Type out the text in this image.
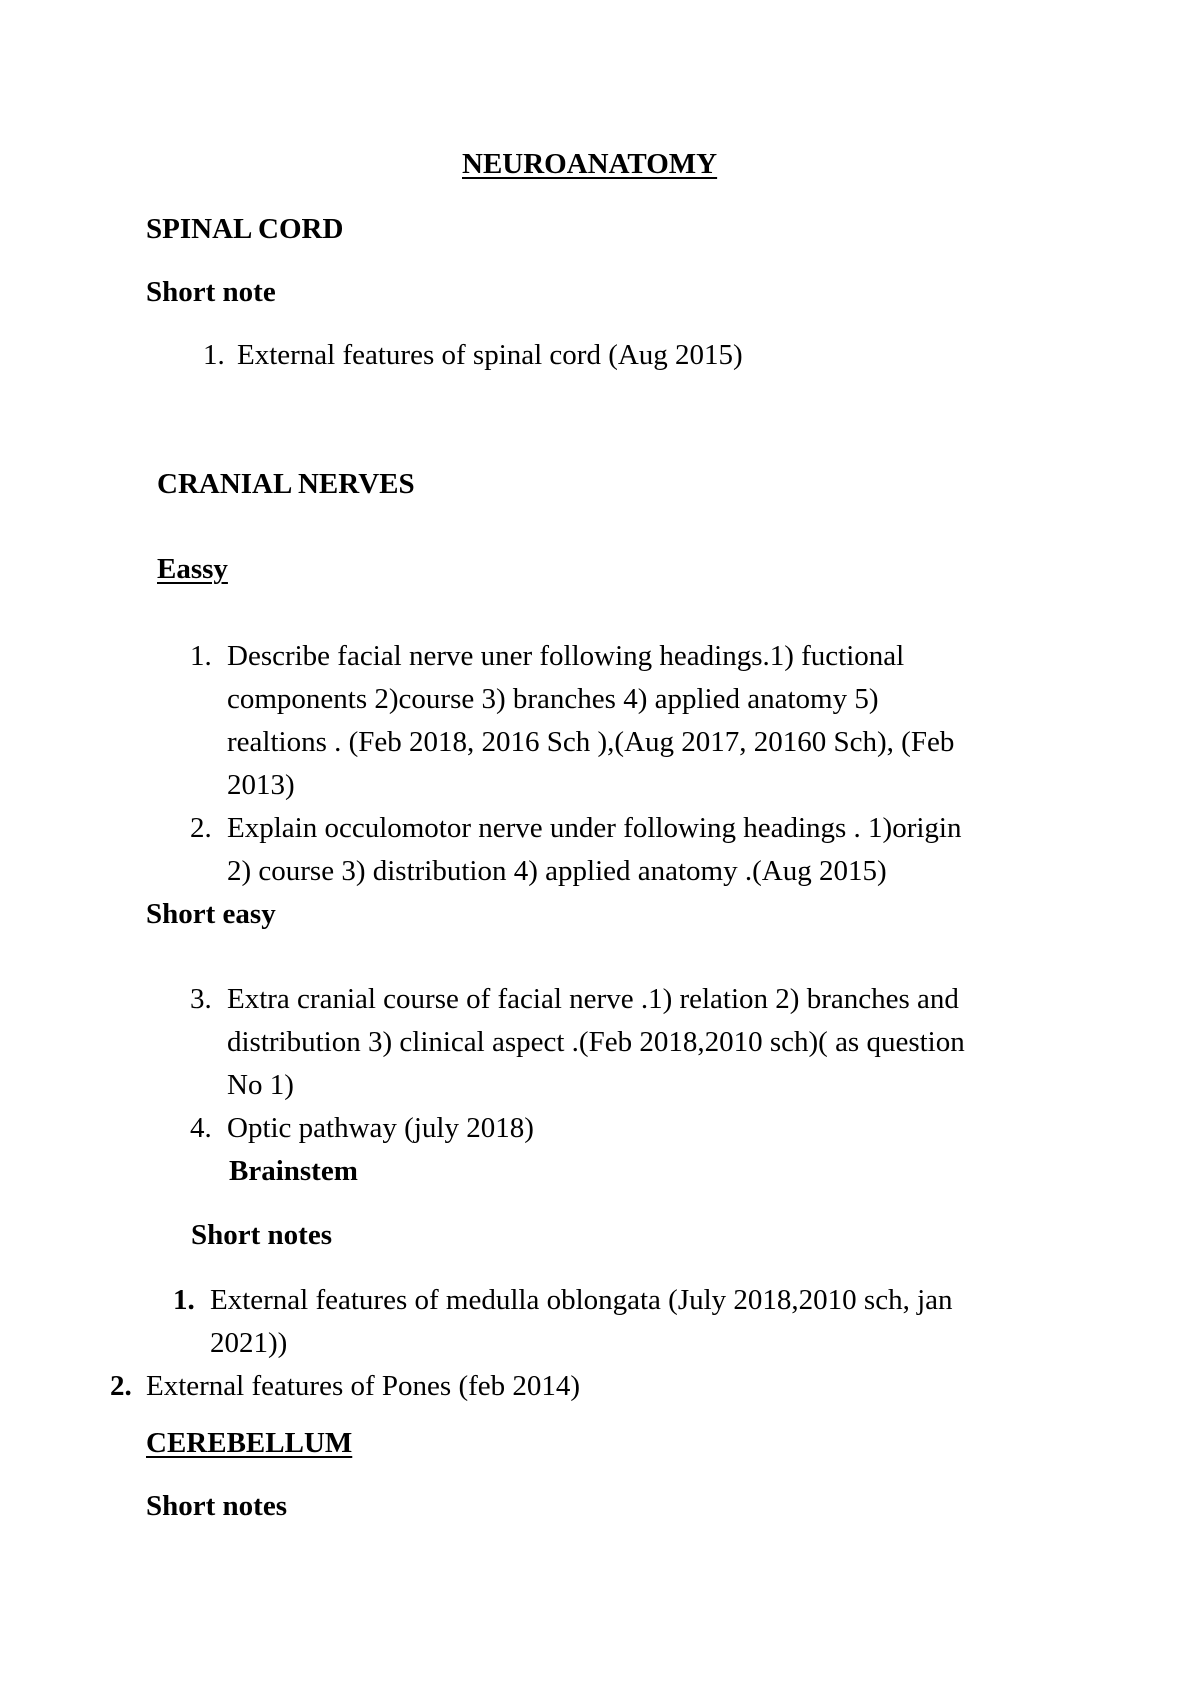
NEUROANATOMY
SPINAL CORD
Short note
1. External features of spinal cord (Aug 2015)
CRANIAL NERVES
Eassy
1. Describe facial nerve uner following headings.1) fuctional
components 2)course 3) branches 4) applied anatomy 5)
realtions . (Feb 2018, 2016 Sch ),(Aug 2017, 20160 Sch), (Feb
2013)
2. Explain occulomotor nerve under following headings . 1)origin
2) course 3) distribution 4) applied anatomy .(Aug 2015)
Short easy
3. Extra cranial course of facial nerve .1) relation 2) branches and
distribution 3) clinical aspect .(Feb 2018,2010 sch)( as question
No 1)
4. Optic pathway (july 2018)
Brainstem
Short notes
1. External features of medulla oblongata (July 2018,2010 sch, jan
2021))
2. External features of Pones (feb 2014)
CEREBELLUM
Short notes
